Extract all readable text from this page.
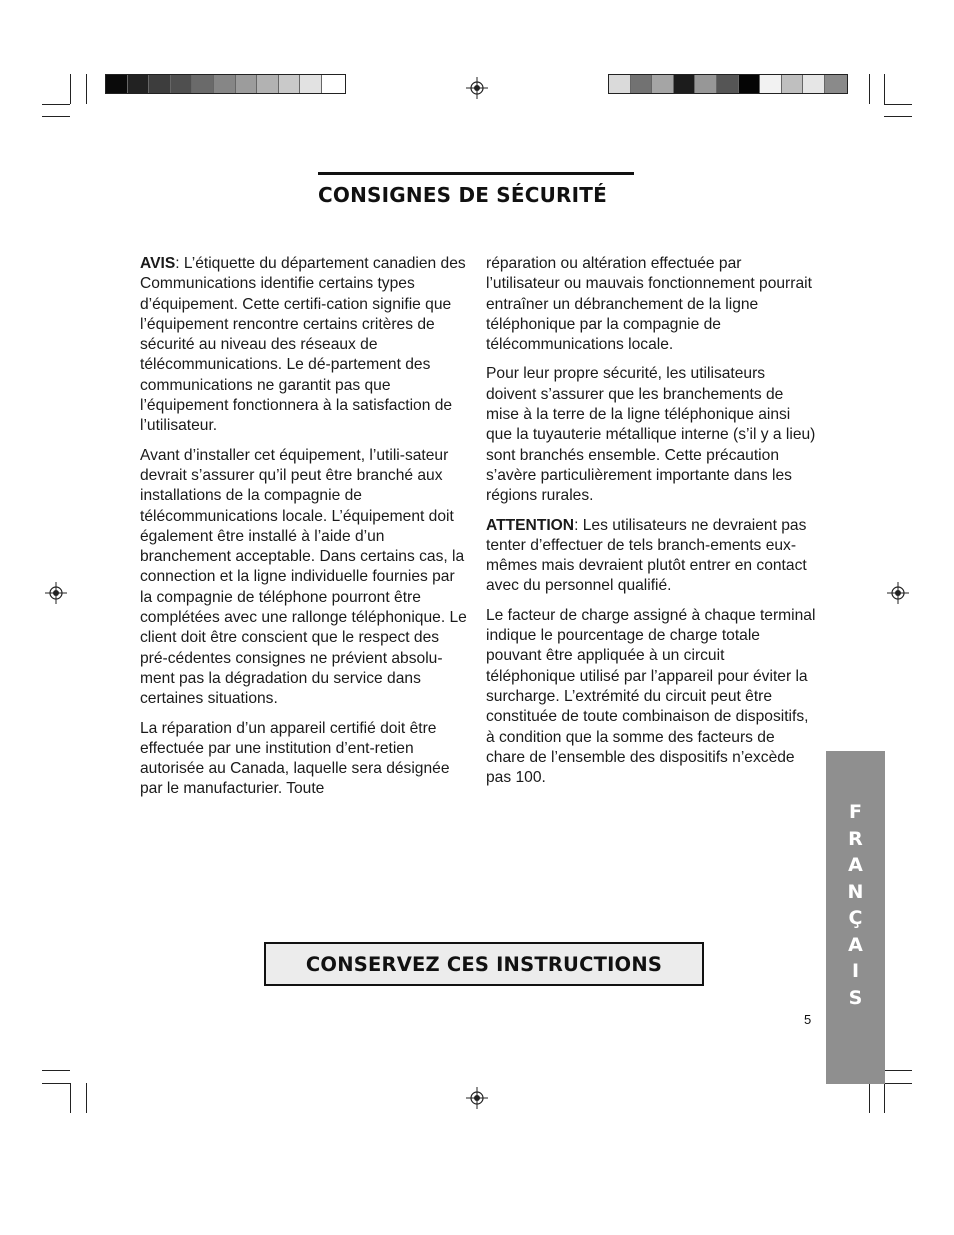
CONSIGNES DE SÉCURITÉ

AVIS: L’étiquette du département canadien des Communications identifie certains types d’équipement. Cette certifi-cation signifie que l’équipement rencontre certains critères de sécurité au niveau des réseaux de télécommunications. Le dé-partement des communications ne garantit pas que l’équipement fonctionnera à la satisfaction de l’utilisateur.

Avant d’installer cet équipement, l’utili-sateur devrait s’assurer qu’il peut être branché aux installations de la compagnie de télécommunications locale. L’équipement doit également être installé à l’aide d’un branchement acceptable. Dans certains cas, la connection et la ligne individuelle fournies par la compagnie de téléphone pourront être complétées avec une rallonge téléphonique. Le client doit être conscient que le respect des pré-cédentes consignes ne prévient absolu-ment pas la dégradation du service dans certaines situations.

La réparation d’un appareil certifié doit être effectuée par une institution d’ent-retien autorisée au Canada, laquelle sera désignée par le manufacturier. Toute

réparation ou altération effectuée par l’utilisateur ou mauvais fonctionnement pourrait entraîner un débranchement de la ligne téléphonique par la compagnie de télécommunications locale.

Pour leur propre sécurité, les utilisateurs doivent s’assurer que les branchements de mise à la terre de la ligne téléphonique ainsi que la tuyauterie métallique interne (s’il y a lieu) sont branchés ensemble. Cette précaution s’avère particulièrement importante dans les régions rurales.

ATTENTION: Les utilisateurs ne devraient pas tenter d’effectuer de tels branch-ements eux-mêmes mais devraient plutôt entrer en contact avec du personnel qualifié.

Le facteur de charge assigné à chaque terminal indique le pourcentage de charge totale pouvant être appliquée à un circuit téléphonique utilisé par l’appareil pour éviter la surcharge. L’extrémité du circuit peut être constituée de toute combinaison de dispositifs, à condition que la somme des facteurs de chare de l’ensemble des dispositifs n’excède pas 100.

CONSERVEZ CES INSTRUCTIONS
F
R
A
N
Ç
A
I
S
5
